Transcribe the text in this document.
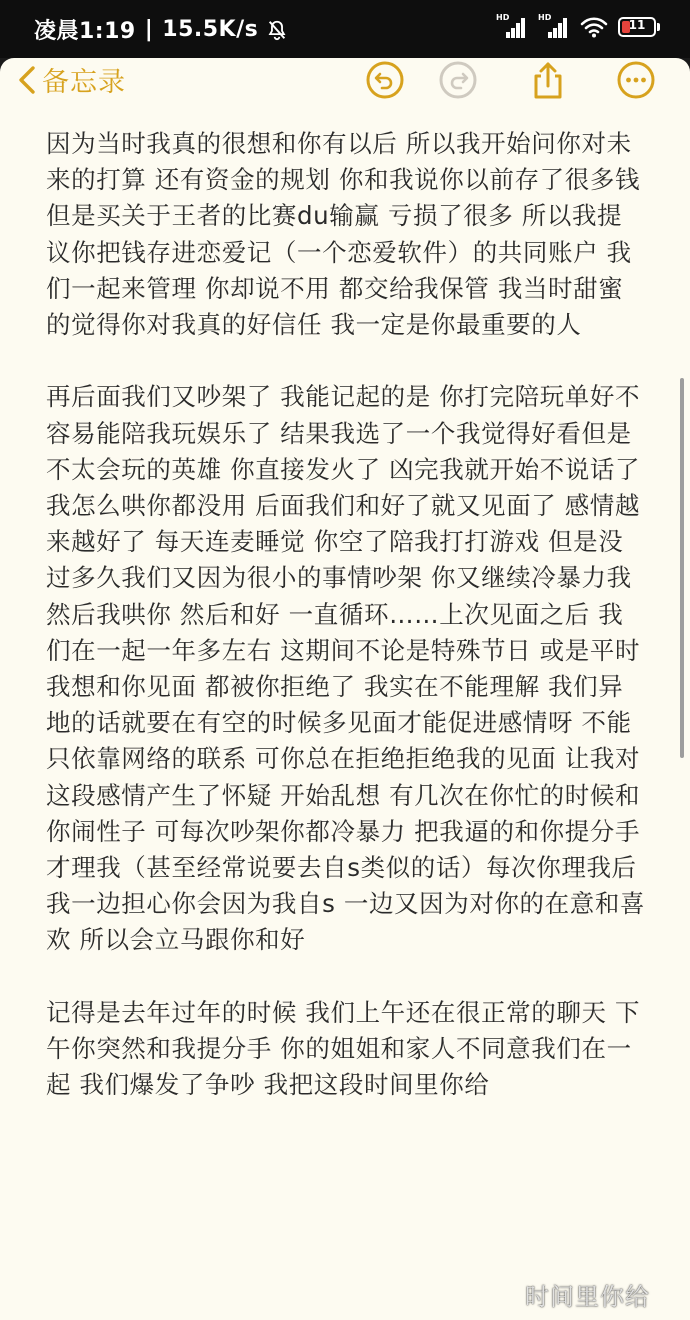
凌晨1:19 | 15.5K/s	HD	HD
11
备忘录

因为当时我真的很想和你有以后 所以我开始问你对未来的打算 还有资金的规划 你和我说你以前存了很多钱 但是买关于王者的比赛du输赢 亏损了很多 所以我提议你把钱存进恋爱记（一个恋爱软件）的共同账户 我们一起来管理 你却说不用 都交给我保管 我当时甜蜜的觉得你对我真的好信任 我一定是你最重要的人

再后面我们又吵架了 我能记起的是 你打完陪玩单好不容易能陪我玩娱乐了 结果我选了一个我觉得好看但是不太会玩的英雄 你直接发火了 凶完我就开始不说话了 我怎么哄你都没用 后面我们和好了就又见面了 感情越来越好了 每天连麦睡觉 你空了陪我打打游戏 但是没过多久我们又因为很小的事情吵架 你又继续冷暴力我 然后我哄你 然后和好 一直循环……上次见面之后 我们在一起一年多左右 这期间不论是特殊节日 或是平时 我想和你见面 都被你拒绝了 我实在不能理解 我们异地的话就要在有空的时候多见面才能促进感情呀 不能只依靠网络的联系 可你总在拒绝拒绝我的见面 让我对这段感情产生了怀疑 开始乱想 有几次在你忙的时候和你闹性子 可每次吵架你都冷暴力 把我逼的和你提分手才理我（甚至经常说要去自s类似的话）每次你理我后 我一边担心你会因为我自s 一边又因为对你的在意和喜欢 所以会立马跟你和好

记得是去年过年的时候 我们上午还在很正常的聊天 下午你突然和我提分手 你的姐姐和家人不同意我们在一起 我们爆发了争吵 我把这段时间里你给

时间里你给
